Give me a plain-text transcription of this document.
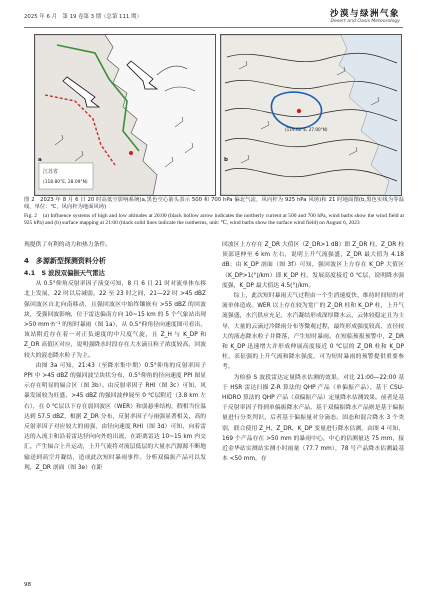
2025 年 6 月　第 19 卷第 3 期（总第 111 期）	沙漠与绿洲气象
Desert and Oasis Meteorology
江苏省
(118.80°E, 28.09°N)
a
(119.60°E, 27.00°N)
b
图 2　2023 年 8 月 6 日 20 时高低空影响系统(a,黑色空心箭头表示 500 和 700 hPa 偏北气流，风向杆为 925 hPa 风场)和 21 时地面图(b,黑色实线为等温线，单位：℃，风向杆为地面风场)
Fig. 2　(a) Influence systems of high and low altitudes at 20:00 (black hollow arrow indicates the northerly current at 500 and 700 hPa, wind barbs show the wind field at 925 hPa) and (b) surface mapping at 21:00 (black solid lines indicate the isotherms, unit: ℃, wind barbs show the surface wind field) on August 6, 2023

现提供了有利的动力和热力条件。

4　多源新型探测资料分析
4.1　S 波段双偏振天气雷达

从 0.5°仰角反射率因子演变可知，8 月 6 日 21 时对流单体东移北上发展，22 时以后减弱，22 至 23 时之间，21—22 时 >45 dBZ 强回波区自北向南移动，且强回波区中始终镶嵌有 >55 dBZ 的回波块，受强回波影响，位于雷达偏南方向 10~15 km 的 5 个气象站出现 >50 mm·h⁻¹ 的短时暴雨（图 1a），从 0.5°仰角径向速度图可看出，该站附近存在着一对正负速度的中尺度气旋，且 Z_H 与 K_DP 和 Z_DR 高值区对应，说明强降水时段存在大水滴且粒子浓度较高，回波较大的液态降水粒子为主。

由图 3a 可知，21:43（至降水集中期）0.5°仰角的反射率因子 PPI 中 >45 dBZ 的强回波呈块状分布，0.5°仰角的径向速度 PPI 图显示存在明显的辐合区（图 3b）。由反射率因子 RHI（图 3c）可知，风暴发展较为旺盛，>45 dBZ 的强回波伸展至 0 ℃层附近（3.8 km 左右），在 0 ℃层以下存在弱回波区（WER）和弱悬垂结构，假相当位温达到 57.5 dBZ，根据 Z_DR 分布，反射率因子与雨强显著相关，高的反射率因子对应较大的雨强，由径向速度 RHI（图 3d）可知，向着雷达的入流主和沿着雷达径向向外的出流，在距离雷达 10~15 km 内交汇，产生辐合上升运动，上升气流将对流层低层的大量水汽源源不断地输送到高空并凝结，造成此次短时暴雨事件。分析双偏振产品可以发现，Z_DR 剖面（图 3e）在距

回波区上方存在 Z_DR 大值区（Z_DR>1 dB）即 Z_DR 柱，Z_DR 柱顶部延伸至 6 km 左右，说明上升气流强盛，Z_DR 最大值为 4.18 dB；由 K_DP 剖面（图 3f）可知，强回波区上方存在 K_DP 大值区（K_DP>1(°)/km）即 K_DP 柱，发展高度接近 0 ℃层，说明降水强度强，K_DP 最大值达 4.5(°)/km。

综上，此次短时暴雨天气过程由一个生消速度快、维持时间短的对流单体造成。WER 以上存在较为宽广的 Z_DR 柱和 K_DP 柱，上升气流强盛，水汽供应充足，水汽凝结形成深厚降水云，云体较稳定且为主导，大量的云滴过冷降雨分布等微观过程，最终形成强度较高、直径较大的液态降水粒子并降落，产生短时暴雨。在短临预报预警中，Z_DR 和 K_DP 迅速增大并形成伸展高度接近 0 ℃层的 Z_DR 柱和 K_DP 柱，表征强的上升气流和降水强度，可为短时暴雨的预警提供重要参考。

为检验 S 波段雷达定量降水估测的效果，对比 21:00—22:00 基于 HSR 雷达扫描 Z-R 算法的 QHP 产品（单偏振产品）、基于 CSU-HIDRO 算法的 QHP 产品（双偏振产品）定量降水估测效果。前者是基于反射率因子得到单偏振降水产品，基于双偏振降水产品则是基于偏振量进行分类判识，后者基于偏振量对分滴态、固态和混合降水 3 个类别，联合使用 Z_H、Z_DR、K_DP 变量进行降水估测，由图 4 可知，169 个产品存在 >50 mm 的暴雨中心，中心的估测量达 75 mm，接近金华站实测站实测小时雨量（77.7 mm），78 号产品降水估测最基本 <50 mm，存

98
